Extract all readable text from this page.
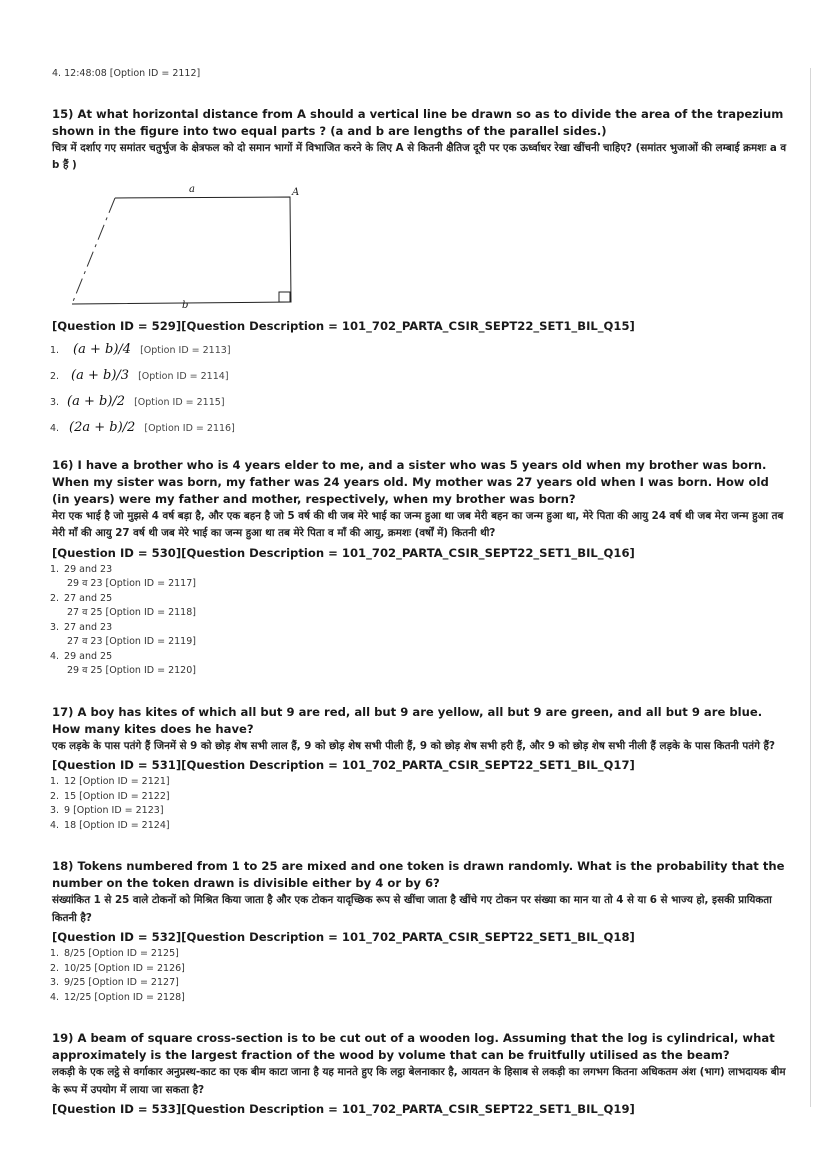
4. 12:48:08 [Option ID = 2112]
15) At what horizontal distance from A should a vertical line be drawn so as to divide the area of the trapezium shown in the figure into two equal parts ? (a and b are lengths of the parallel sides.)
चित्र में दर्शाए गए समांतर चतुर्भुज के क्षेत्रफल को दो समान भागों में विभाजित करने के लिए A से कितनी क्षैतिज दूरी पर एक ऊर्ध्वाधर रेखा खींचनी चाहिए? (समांतर भुजाओं की लम्बाई क्रमशः a व b हैं )
a	A
b
[Question ID = 529][Question Description = 101_702_PARTA_CSIR_SEPT22_SET1_BIL_Q15]
1. (a + b)/4 [Option ID = 2113]
2. (a + b)/3 [Option ID = 2114]
3. (a + b)/2 [Option ID = 2115]
4. (2a + b)/2 [Option ID = 2116]
16) I have a brother who is 4 years elder to me, and a sister who was 5 years old when my brother was born. When my sister was born, my father was 24 years old. My mother was 27 years old when I was born. How old (in years) were my father and mother, respectively, when my brother was born?
मेरा एक भाई है जो मुझसे 4 वर्ष बड़ा है, और एक बहन है जो 5 वर्ष की थी जब मेरे भाई का जन्म हुआ था जब मेरी बहन का जन्म हुआ था, मेरे पिता की आयु 24 वर्ष थी जब मेरा जन्म हुआ तब मेरी माँ की आयु 27 वर्ष थी जब मेरे भाई का जन्म हुआ था तब मेरे पिता व माँ की आयु, क्रमशः (वर्षों में) कितनी थी?
[Question ID = 530][Question Description = 101_702_PARTA_CSIR_SEPT22_SET1_BIL_Q16]
1. 29 and 23
29 व 23 [Option ID = 2117]
2. 27 and 25
27 व 25 [Option ID = 2118]
3. 27 and 23
27 व 23 [Option ID = 2119]
4. 29 and 25
29 व 25 [Option ID = 2120]
17) A boy has kites of which all but 9 are red, all but 9 are yellow, all but 9 are green, and all but 9 are blue. How many kites does he have?
एक लड़के के पास पतंगे हैं जिनमें से 9 को छोड़ शेष सभी लाल हैं, 9 को छोड़ शेष सभी पीली हैं, 9 को छोड़ शेष सभी हरी हैं, और 9 को छोड़ शेष सभी नीली हैं लड़के के पास कितनी पतंगे हैं?
[Question ID = 531][Question Description = 101_702_PARTA_CSIR_SEPT22_SET1_BIL_Q17]
1. 12 [Option ID = 2121]
2. 15 [Option ID = 2122]
3. 9 [Option ID = 2123]
4. 18 [Option ID = 2124]
18) Tokens numbered from 1 to 25 are mixed and one token is drawn randomly. What is the probability that the number on the token drawn is divisible either by 4 or by 6?
संख्यांकित 1 से 25 वाले टोकनों को मिश्रित किया जाता है और एक टोकन यादृच्छिक रूप से खींचा जाता है खींचे गए टोकन पर संख्या का मान या तो 4 से या 6 से भाज्य हो, इसकी प्रायिकता कितनी है?
[Question ID = 532][Question Description = 101_702_PARTA_CSIR_SEPT22_SET1_BIL_Q18]
1. 8/25 [Option ID = 2125]
2. 10/25 [Option ID = 2126]
3. 9/25 [Option ID = 2127]
4. 12/25 [Option ID = 2128]
19) A beam of square cross-section is to be cut out of a wooden log. Assuming that the log is cylindrical, what approximately is the largest fraction of the wood by volume that can be fruitfully utilised as the beam?
लकड़ी के एक लट्ठे से वर्गाकार अनुप्रस्थ-काट का एक बीम काटा जाना है यह मानते हुए कि लट्ठा बेलनाकार है, आयतन के हिसाब से लकड़ी का लगभग कितना अधिकतम अंश (भाग) लाभदायक बीम के रूप में उपयोग में लाया जा सकता है?
[Question ID = 533][Question Description = 101_702_PARTA_CSIR_SEPT22_SET1_BIL_Q19]
